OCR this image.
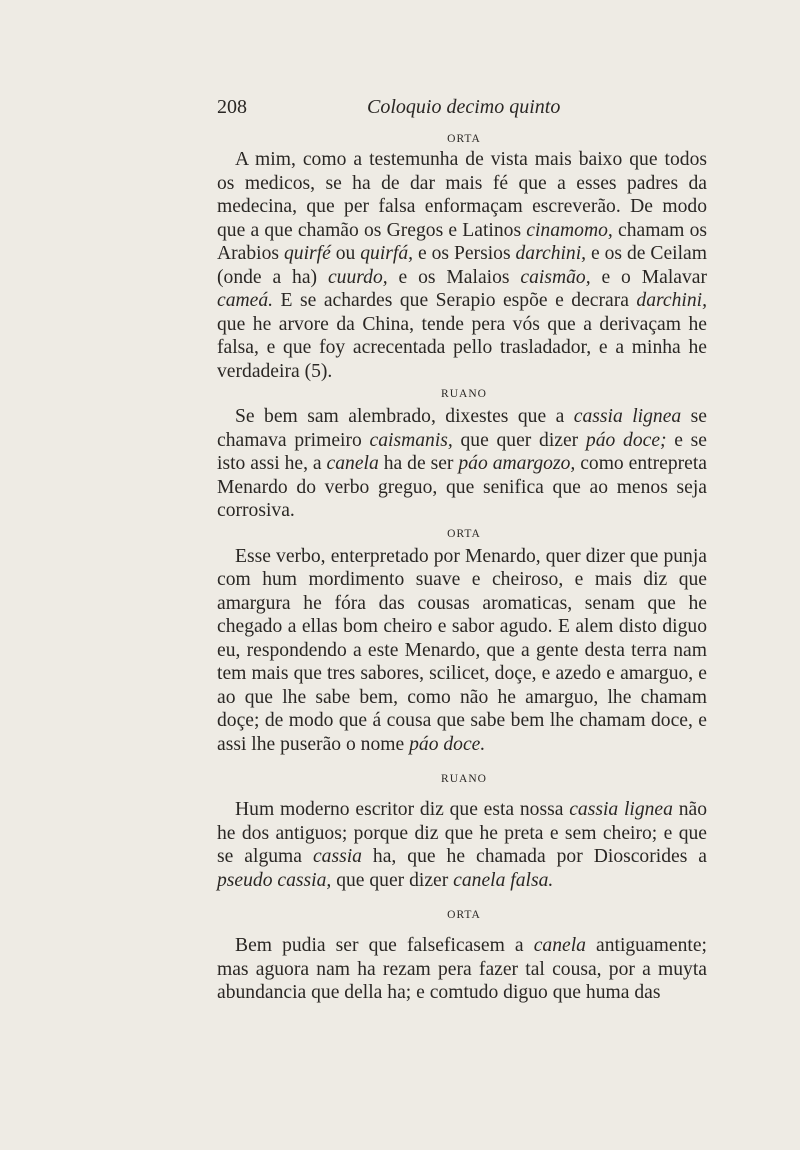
208	Coloquio decimo quinto

ORTA

A mim, como a testemunha de vista mais baixo que todos os medicos, se ha de dar mais fé que a esses padres da medecina, que per falsa enformaçam escreverão. De modo que a que chamão os Gregos e Latinos cinamomo, chamam os Arabios quirfé ou quirfá, e os Persios darchini, e os de Ceilam (onde a ha) cuurdo, e os Malaios caismão, e o Malavar cameá. E se achardes que Serapio espõe e decrara darchini, que he arvore da China, tende pera vós que a derivaçam he falsa, e que foy acrecentada pello trasladador, e a minha he verdadeira (5).

RUANO

Se bem sam alembrado, dixestes que a cassia lignea se chamava primeiro caismanis, que quer dizer páo doce; e se isto assi he, a canela ha de ser páo amargozo, como entrepreta Menardo do verbo greguo, que senifica que ao menos seja corrosiva.

ORTA

Esse verbo, enterpretado por Menardo, quer dizer que punja com hum mordimento suave e cheiroso, e mais diz que amargura he fóra das cousas aromaticas, senam que he chegado a ellas bom cheiro e sabor agudo. E alem disto diguo eu, respondendo a este Menardo, que a gente desta terra nam tem mais que tres sabores, scilicet, doçe, e azedo e amarguo, e ao que lhe sabe bem, como não he amarguo, lhe chamam doçe; de modo que á cousa que sabe bem lhe chamam doce, e assi lhe puserão o nome páo doce.

RUANO

Hum moderno escritor diz que esta nossa cassia lignea não he dos antiguos; porque diz que he preta e sem cheiro; e que se alguma cassia ha, que he chamada por Dioscorides a pseudo cassia, que quer dizer canela falsa.

ORTA

Bem pudia ser que falseficasem a canela antiguamente; mas aguora nam ha rezam pera fazer tal cousa, por a muyta abundancia que della ha; e comtudo diguo que huma das
